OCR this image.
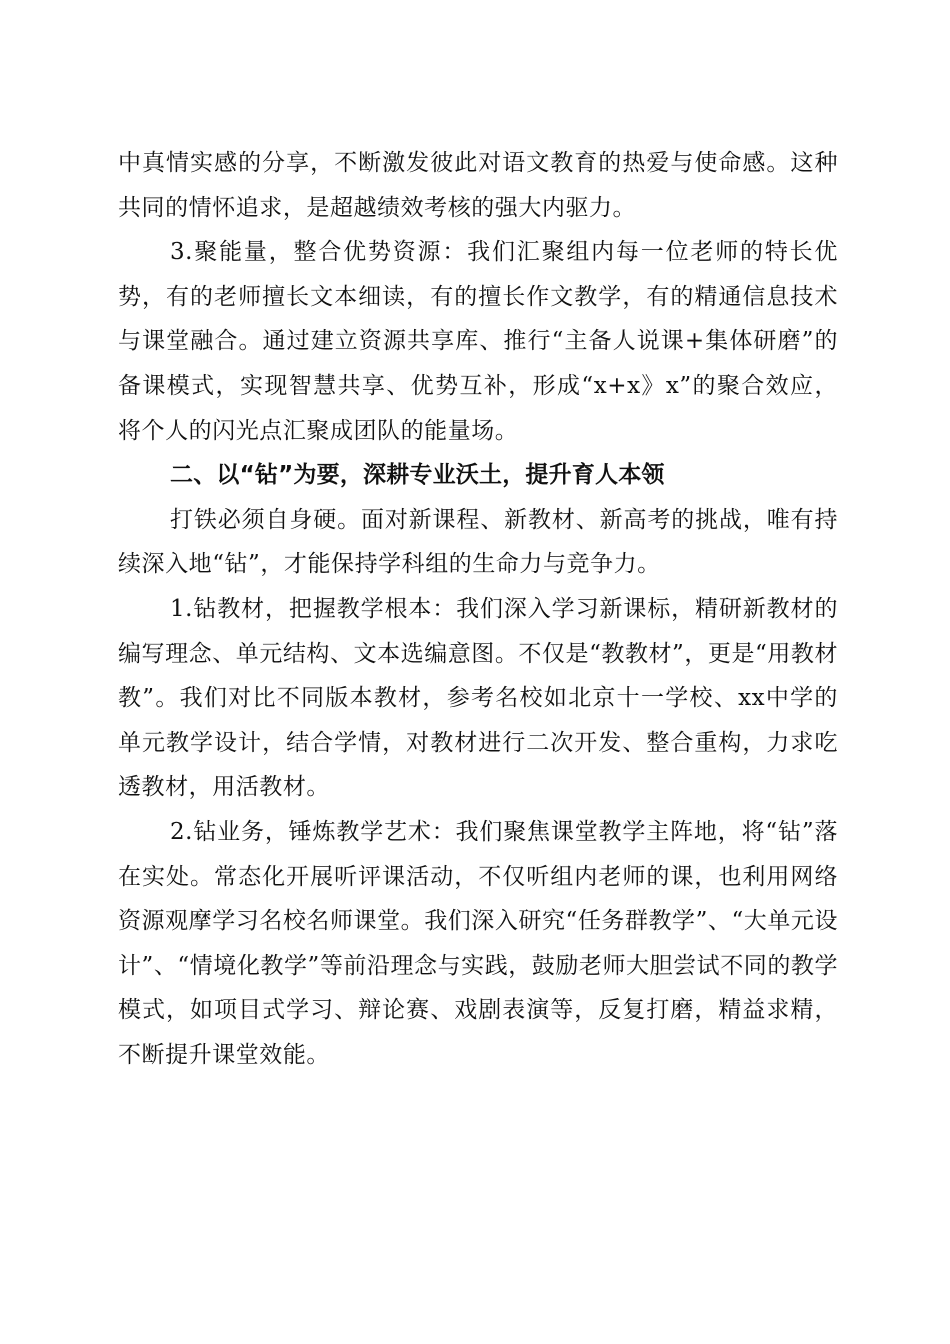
中真情实感的分享，不断激发彼此对语文教育的热爱与使命感。这种共同的情怀追求，是超越绩效考核的强大内驱力。

3.聚能量，整合优势资源：我们汇聚组内每一位老师的特长优势，有的老师擅长文本细读，有的擅长作文教学，有的精通信息技术与课堂融合。通过建立资源共享库、推行“主备人说课+集体研磨”的备课模式，实现智慧共享、优势互补，形成“x+x》x”的聚合效应，将个人的闪光点汇聚成团队的能量场。

二、以“钻”为要，深耕专业沃土，提升育人本领

打铁必须自身硬。面对新课程、新教材、新高考的挑战，唯有持续深入地“钻”，才能保持学科组的生命力与竞争力。

1.钻教材，把握教学根本：我们深入学习新课标，精研新教材的编写理念、单元结构、文本选编意图。不仅是“教教材”，更是“用教材教”。我们对比不同版本教材，参考名校如北京十一学校、xx中学的单元教学设计，结合学情，对教材进行二次开发、整合重构，力求吃透教材，用活教材。

2.钻业务，锤炼教学艺术：我们聚焦课堂教学主阵地，将“钻”落在实处。常态化开展听评课活动，不仅听组内老师的课，也利用网络资源观摩学习名校名师课堂。我们深入研究“任务群教学”、“大单元设计”、“情境化教学”等前沿理念与实践，鼓励老师大胆尝试不同的教学模式，如项目式学习、辩论赛、戏剧表演等，反复打磨，精益求精，不断提升课堂效能。
